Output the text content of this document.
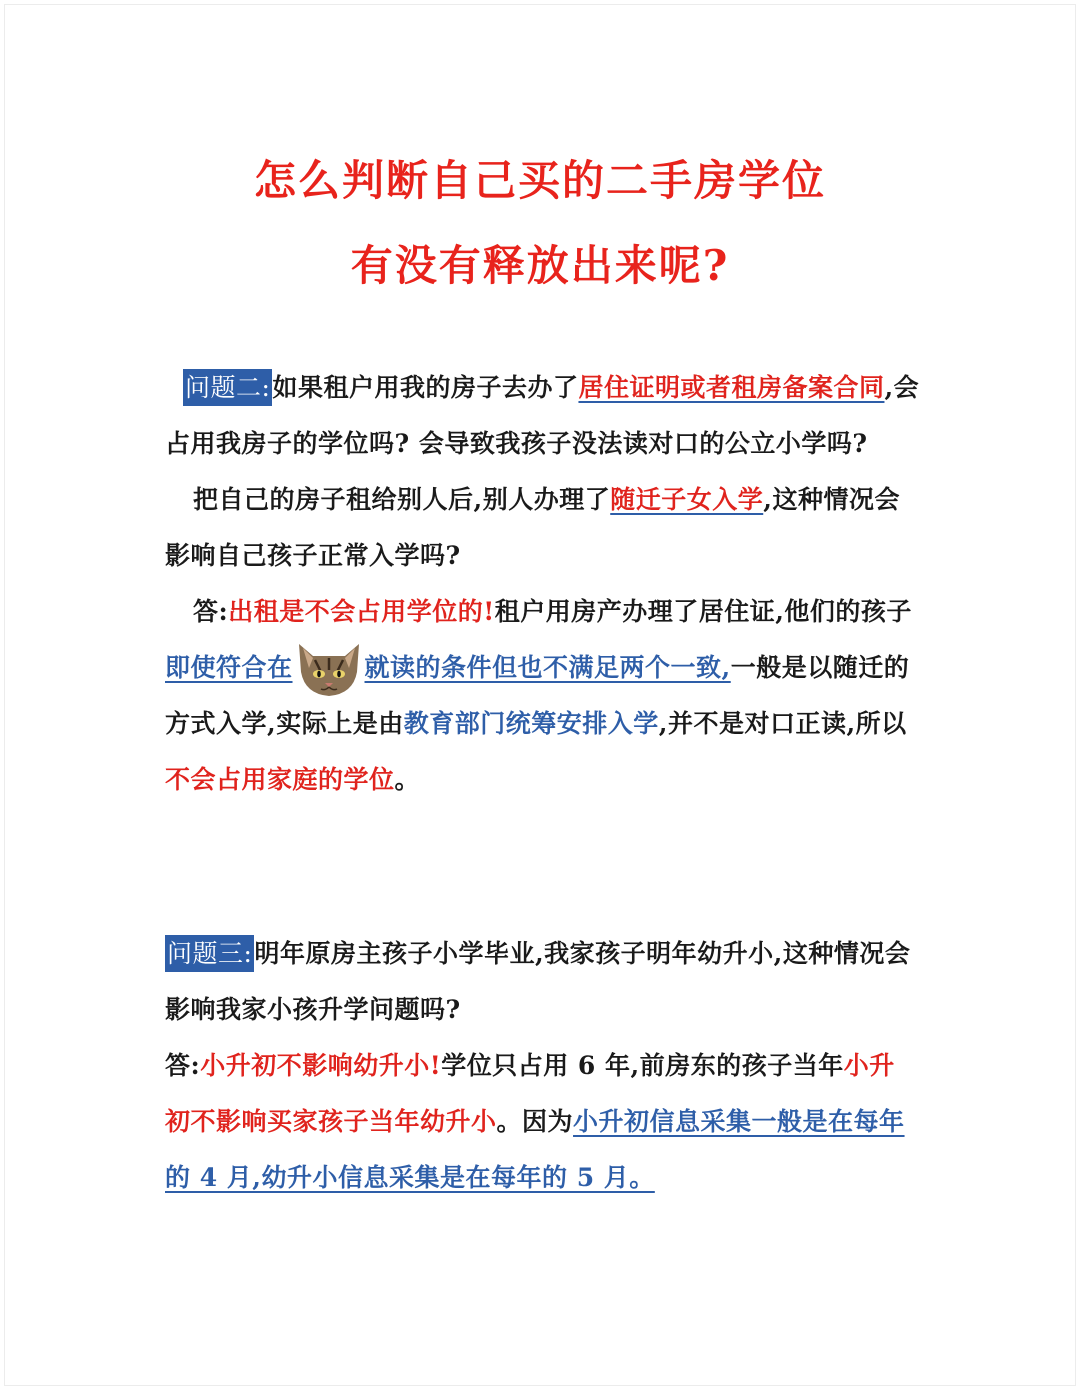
怎么判断自己买的二手房学位
有没有释放出来呢?

问题二:如果租户用我的房子去办了居住证明或者租房备案合同,会占用我房子的学位吗? 会导致我孩子没法读对口的公立小学吗?

把自己的房子租给别人后,别人办理了随迁子女入学,这种情况会影响自己孩子正常入学吗?

答:出租是不会占用学位的!租户用房产办理了居住证,他们的孩子即使符合在	就读的条件但也不满足两个一致,一般是以随迁的方式入学,实际上是由教育部门统筹安排入学,并不是对口正读,所以不会占用家庭的学位。

问题三:明年原房主孩子小学毕业,我家孩子明年幼升小,这种情况会影响我家小孩升学问题吗?

答:小升初不影响幼升小!学位只占用 6 年,前房东的孩子当年小升初不影响买家孩子当年幼升小。因为小升初信息采集一般是在每年的 4 月,幼升小信息采集是在每年的 5 月。
